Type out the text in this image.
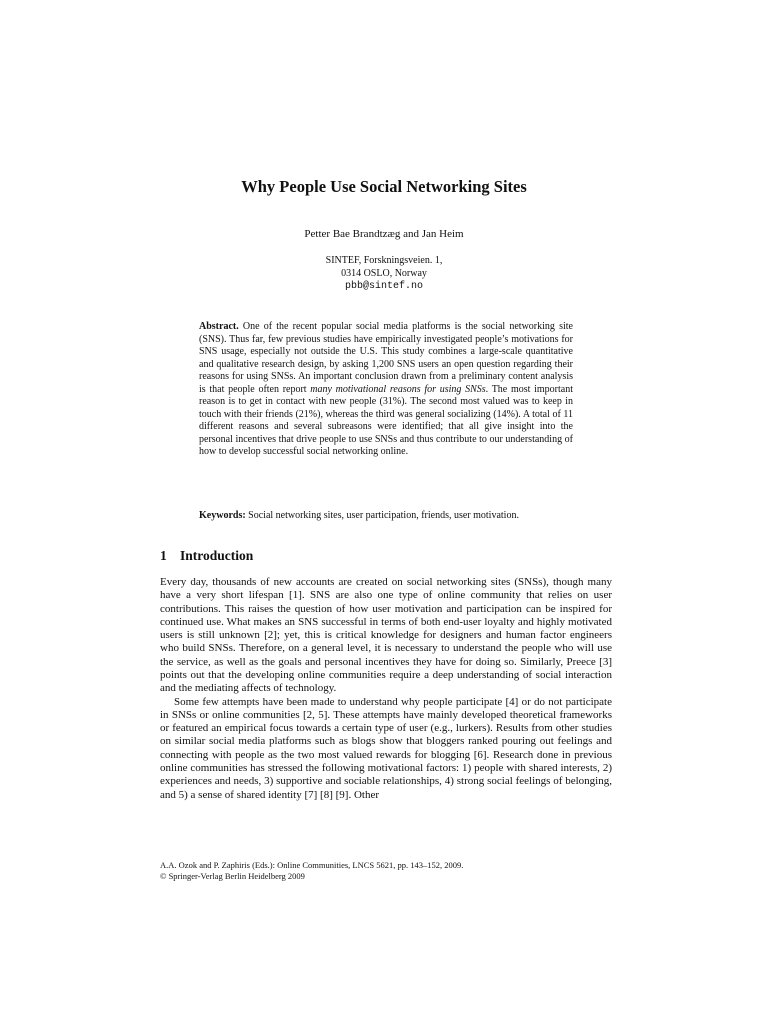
Why People Use Social Networking Sites
Petter Bae Brandtzæg and Jan Heim
SINTEF, Forskningsveien. 1,
0314 OSLO, Norway
pbb@sintef.no

Abstract. One of the recent popular social media platforms is the social networking site (SNS). Thus far, few previous studies have empirically investigated people’s motivations for SNS usage, especially not outside the U.S. This study combines a large-scale quantitative and qualitative research design, by asking 1,200 SNS users an open question regarding their reasons for using SNSs. An important conclusion drawn from a preliminary content analysis is that people often report many motivational reasons for using SNSs. The most important reason is to get in contact with new people (31%). The second most valued was to keep in touch with their friends (21%), whereas the third was general socializing (14%). A total of 11 different reasons and several subreasons were identified; that all give insight into the personal incentives that drive people to use SNSs and thus contribute to our understanding of how to develop successful social networking online.

Keywords: Social networking sites, user participation, friends, user motivation.

1 Introduction

Every day, thousands of new accounts are created on social networking sites (SNSs), though many have a very short lifespan [1]. SNS are also one type of online community that relies on user contributions. This raises the question of how user motivation and participation can be inspired for continued use. What makes an SNS successful in terms of both end-user loyalty and highly motivated users is still unknown [2]; yet, this is critical knowledge for designers and human factor engineers who build SNSs. Therefore, on a general level, it is necessary to understand the people who will use the service, as well as the goals and personal incentives they have for doing so. Similarly, Preece [3] points out that the developing online communities require a deep understanding of social interaction and the mediating affects of technology.

Some few attempts have been made to understand why people participate [4] or do not participate in SNSs or online communities [2, 5]. These attempts have mainly developed theoretical frameworks or featured an empirical focus towards a certain type of user (e.g., lurkers). Results from other studies on similar social media platforms such as blogs show that bloggers ranked pouring out feelings and connecting with people as the two most valued rewards for blogging [6]. Research done in previous online communities has stressed the following motivational factors: 1) people with shared interests, 2) experiences and needs, 3) supportive and sociable relationships, 4) strong social feelings of belonging, and 5) a sense of shared identity [7] [8] [9]. Other

A.A. Ozok and P. Zaphiris (Eds.): Online Communities, LNCS 5621, pp. 143–152, 2009.
© Springer-Verlag Berlin Heidelberg 2009
